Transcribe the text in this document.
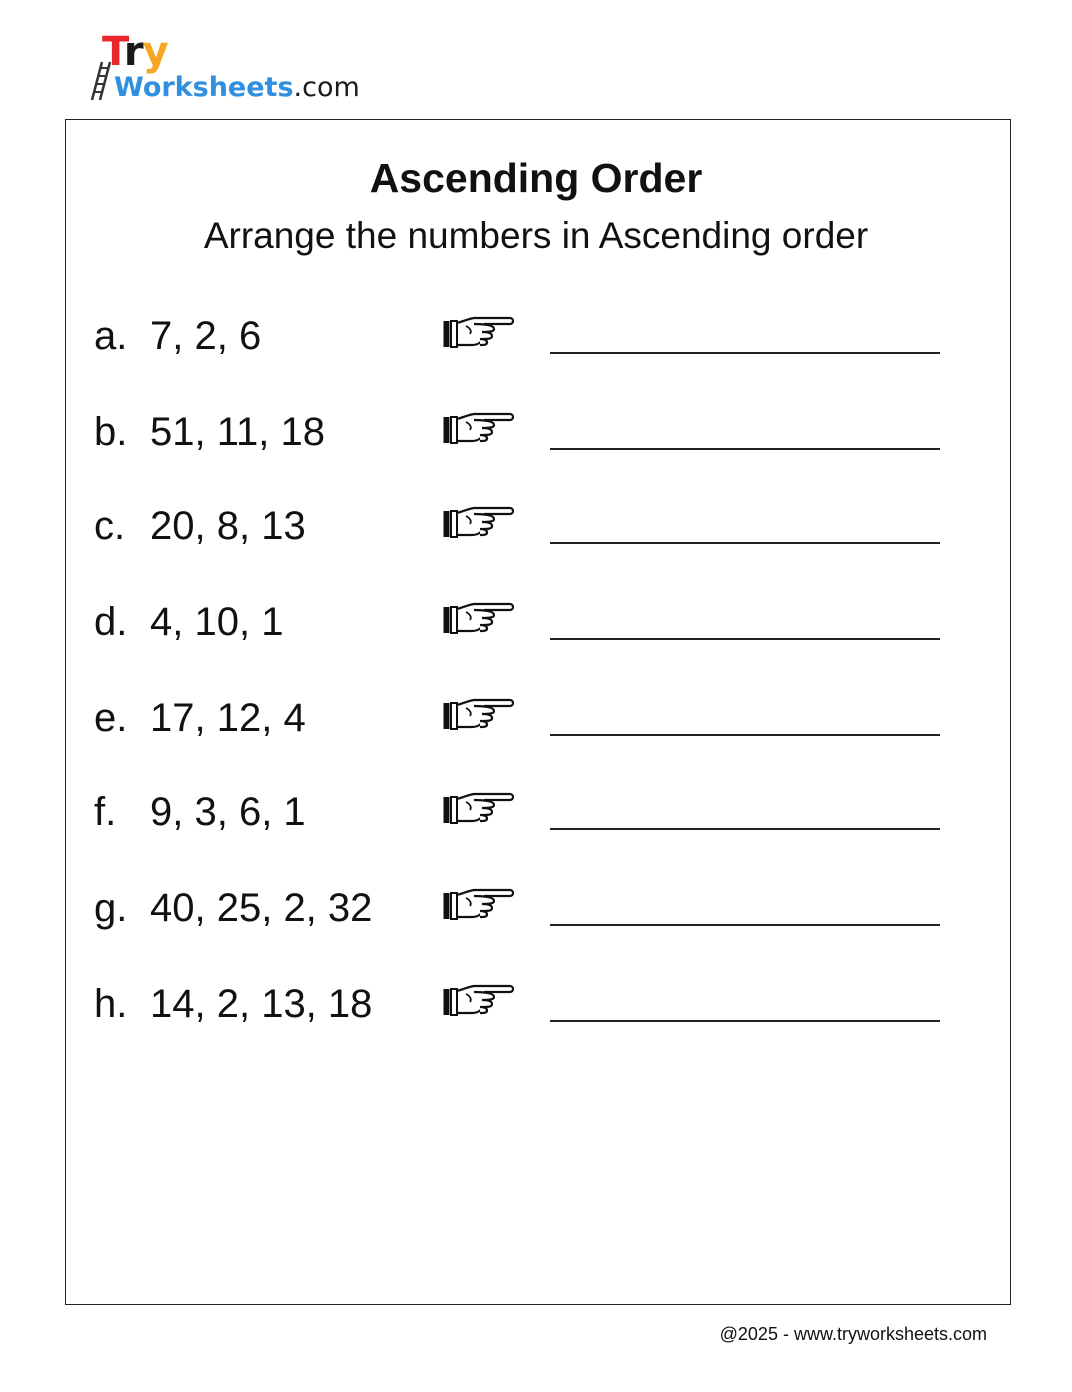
Try
Worksheets.com
Ascending Order
Arrange the numbers in Ascending order
a. 7, 2, 6
b. 51, 11, 18
c. 20, 8, 13
d. 4, 10, 1
e. 17, 12, 4
f. 9, 3, 6, 1
g. 40, 25, 2, 32
h. 14, 2, 13, 18
@2025 - www.tryworksheets.com
